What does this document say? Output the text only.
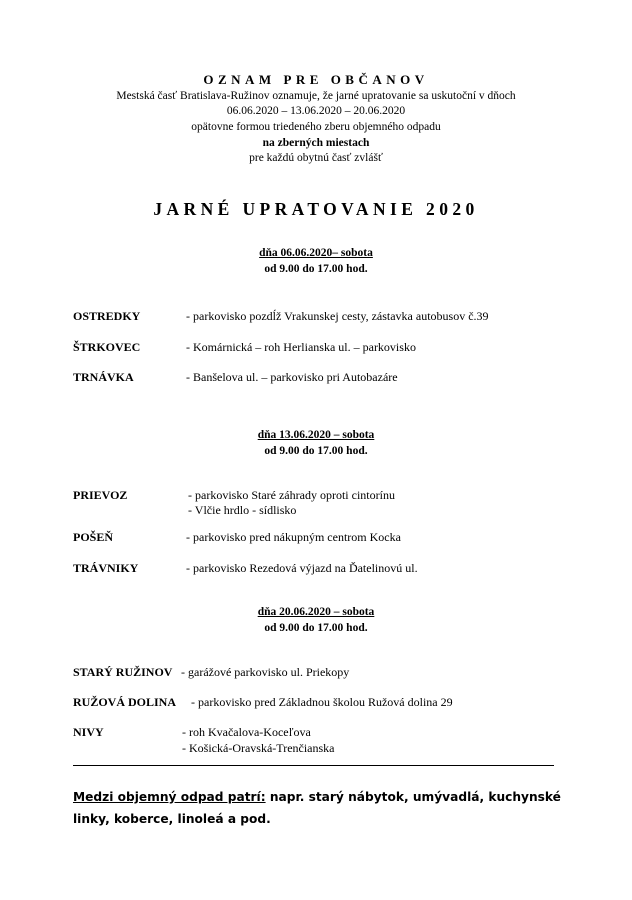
OZNAM PRE OBČANOV
Mestská časť Bratislava-Ružinov oznamuje, že jarné upratovanie sa uskutoční v dňoch
06.06.2020 – 13.06.2020 – 20.06.2020
opätovne formou triedeného zberu objemného odpadu
na zberných miestach
pre každú obytnú časť zvlášť
JARNÉ UPRATOVANIE 2020
dňa 06.06.2020– sobota
od 9.00 do 17.00 hod.
OSTREDKY	- parkovisko pozdĺž Vrakunskej cesty, zástavka autobusov č.39
ŠTRKOVEC	- Komárnická – roh Herlianska ul. – parkovisko
TRNÁVKA	- Banšelova ul. – parkovisko pri Autobazáre
dňa 13.06.2020 – sobota
od 9.00 do 17.00 hod.
PRIEVOZ	- parkovisko Staré záhrady oproti cintorínu
- Vlčie hrdlo - sídlisko
POŠEŇ	- parkovisko pred nákupným centrom Kocka
TRÁVNIKY	- parkovisko Rezedová výjazd na Ďatelinovú ul.
dňa 20.06.2020 – sobota
od 9.00 do 17.00 hod.
STARÝ RUŽINOV - garážové parkovisko ul. Priekopy
RUŽOVÁ DOLINA - parkovisko pred Základnou školou Ružová dolina 29
NIVY	- roh Kvačalova-Koceľova
- Košická-Oravská-Trenčianska
Medzi objemný odpad patrí: napr. starý nábytok, umývadlá, kuchynské linky, koberce, linoleá a pod.
